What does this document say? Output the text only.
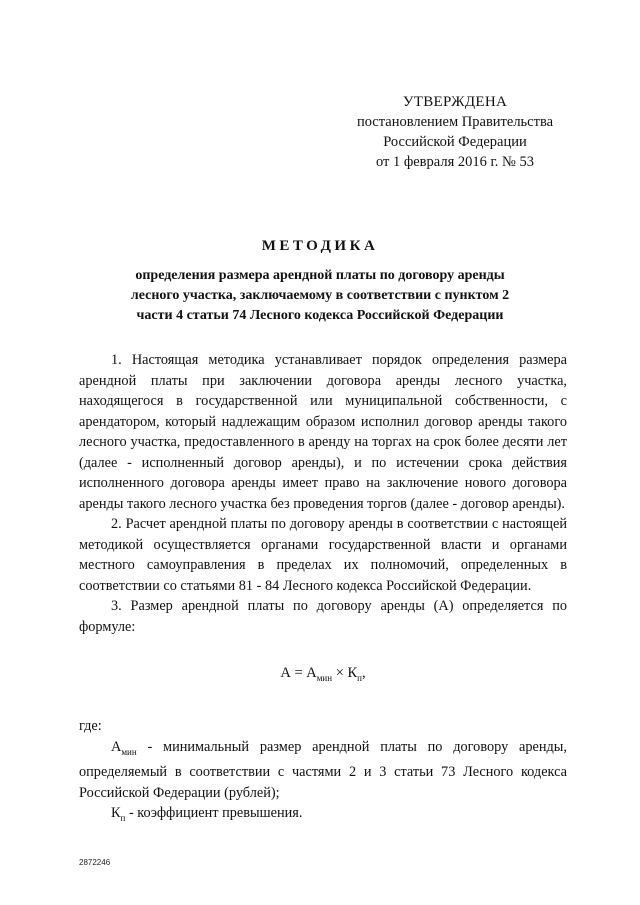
УТВЕРЖДЕНА
постановлением Правительства
Российской Федерации
от 1 февраля 2016 г. № 53
МЕТОДИКА
определения размера арендной платы по договору аренды
лесного участка, заключаемому в соответствии с пунктом 2
части 4 статьи 74 Лесного кодекса Российской Федерации

1. Настоящая методика устанавливает порядок определения размера арендной платы при заключении договора аренды лесного участка, находящегося в государственной или муниципальной собственности, с арендатором, который надлежащим образом исполнил договор аренды такого лесного участка, предоставленного в аренду на торгах на срок более десяти лет (далее - исполненный договор аренды), и по истечении срока действия исполненного договора аренды имеет право на заключение нового договора аренды такого лесного участка без проведения торгов (далее - договор аренды).

2. Расчет арендной платы по договору аренды в соответствии с настоящей методикой осуществляется органами государственной власти и органами местного самоуправления в пределах их полномочий, определенных в соответствии со статьями 81 - 84 Лесного кодекса Российской Федерации.

3. Размер арендной платы по договору аренды (А) определяется по формуле:

$А = А_{мин} \times К_п$,

где:

$А_{мин}$ - минимальный размер арендной платы по договору аренды, определяемый в соответствии с частями 2 и 3 статьи 73 Лесного кодекса Российской Федерации (рублей);

$К_п$ - коэффициент превышения.

2872246
